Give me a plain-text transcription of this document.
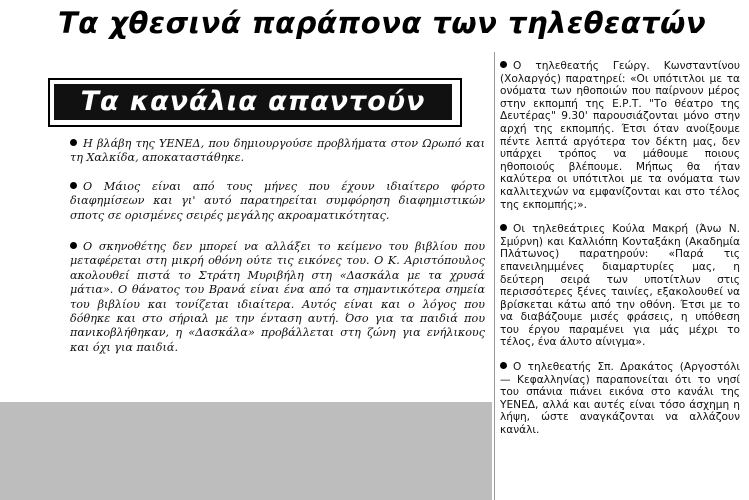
Τα χθεσινά παράπονα των τηλεθεατών
Τα κανάλια απαντούν
Η βλάβη της ΥΕΝΕΔ, που δημιουργούσε προβλήματα στον Ωρωπό και τη Χαλκίδα, αποκαταστάθηκε.
Ο Μάιος είναι από τους μήνες που έχουν ιδιαίτερο φόρτο διαφημίσεων και γι' αυτό παρατηρείται συμφόρηση διαφημιστικών σποτς σε ορισμένες σειρές μεγάλης ακροαματικότητας.
Ο σκηνοθέτης δεν μπορεί να αλλάξει το κείμενο του βιβλίου που μεταφέρεται στη μικρή οθόνη ούτε τις εικόνες του. Ο Κ. Αριστόπουλος ακολουθεί πιστά το Στράτη Μυριβήλη στη «Δασκάλα με τα χρυσά μάτια». Ο θάνατος του Βρανά είναι ένα από τα σημαντικότερα σημεία του βιβλίου και τονίζεται ιδιαίτερα. Αυτός είναι και ο λόγος που δόθηκε και στο σήριαλ με την ένταση αυτή. Όσο για τα παιδιά που πανικοβλήθηκαν, η «Δασκάλα» προβάλλεται στη ζώνη για ενήλικους και όχι για παιδιά.

Ο τηλεθεατής Γεώργ. Κωνσταντίνου (Χολαργός) παρατηρεί: «Οι υπότιτλοι με τα ονόματα των ηθοποιών που παίρνουν μέρος στην εκπομπή της Ε.Ρ.Τ. "Το θέατρο της Δευτέρας" 9.30' παρουσιάζονται μόνο στην αρχή της εκπομπής. Έτσι όταν ανοίξουμε πέντε λεπτά αργότερα τον δέκτη μας, δεν υπάρχει τρόπος να μάθουμε ποιους ηθοποιούς βλέπουμε. Μήπως θα ήταν καλύτερα οι υπότιτλοι με τα ονόματα των καλλιτεχνών να εμφανίζονται και στο τέλος της εκπομπής;».

Οι τηλεθεάτριες Κούλα Μακρή (Άνω Ν. Σμύρνη) και Καλλιόπη Κονταξάκη (Ακαδημία Πλάτωνος) παρατηρούν: «Παρά τις επανειλημμένες διαμαρτυρίες μας, η δεύτερη σειρά των υποτίτλων στις περισσότερες ξένες ταινίες, εξακολουθεί να βρίσκεται κάτω από την οθόνη. Έτσι με το να διαβάζουμε μισές φράσεις, η υπόθεση του έργου παραμένει για μάς μέχρι το τέλος, ένα άλυτο αίνιγμα».

Ο τηλεθεατής Σπ. Δρακάτος (Αργοστόλι — Κεφαλληνίας) παραπονείται ότι το νησί του σπάνια πιάνει εικόνα στο κανάλι της ΥΕΝΕΔ, αλλά και αυτές είναι τόσο άσχημη η λήψη, ώστε αναγκάζονται να αλλάζουν κανάλι.
